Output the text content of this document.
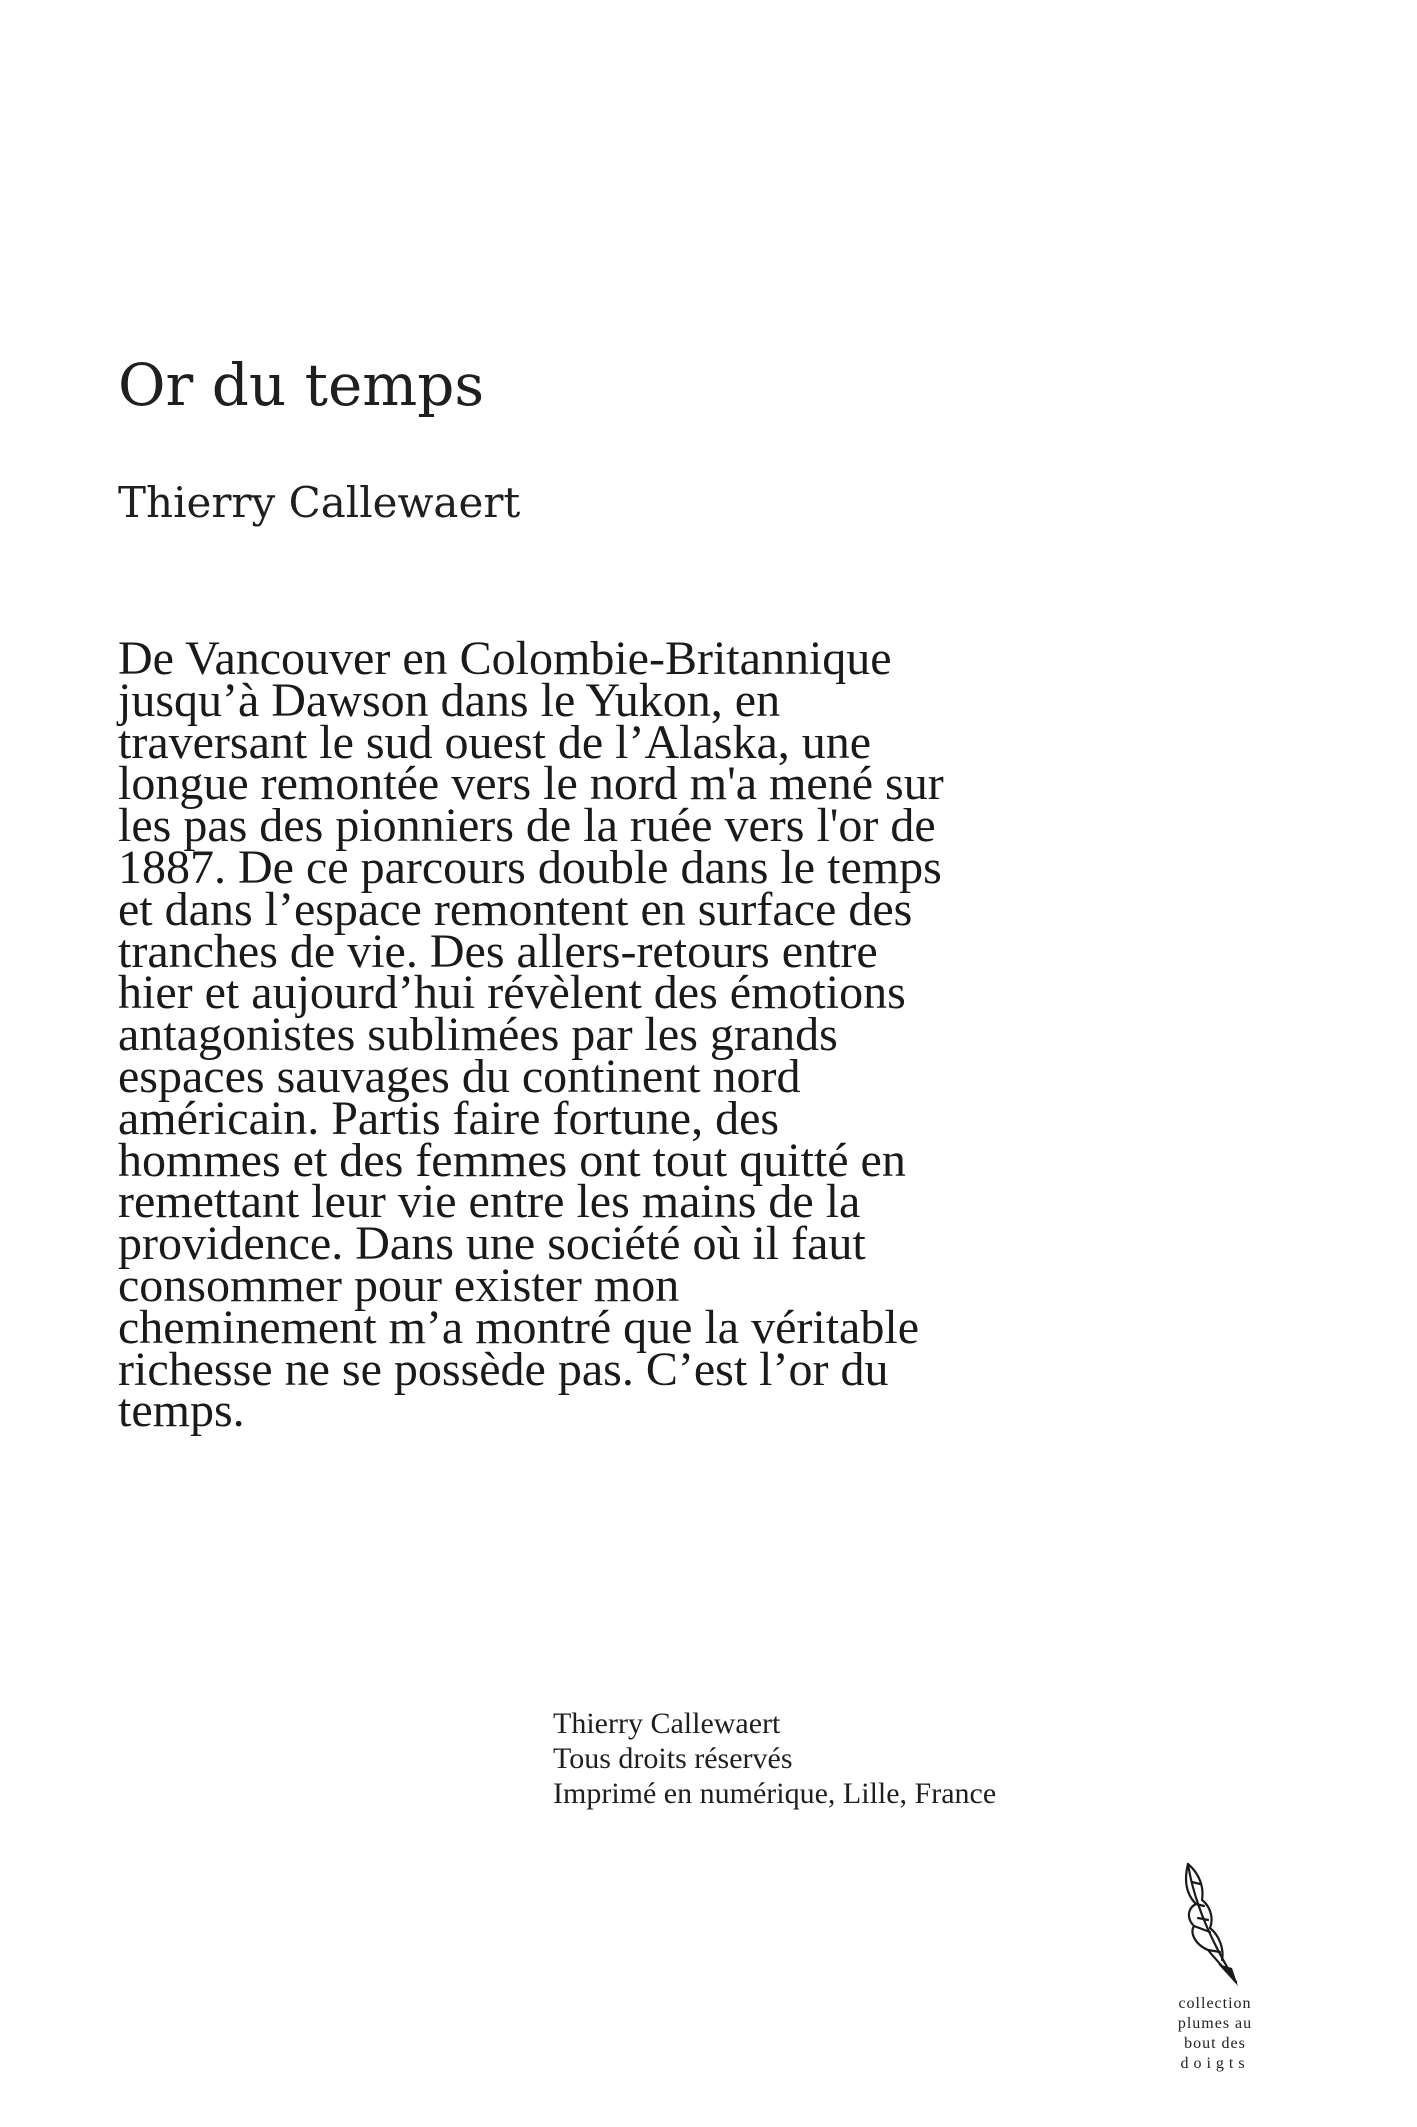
Or du temps
Thierry Callewaert
De Vancouver en Colombie-Britannique
jusqu’à Dawson dans le Yukon, en
traversant le sud ouest de l’Alaska, une
longue remontée vers le nord m'a mené sur
les pas des pionniers de la ruée vers l'or de
1887. De ce parcours double dans le temps
et dans l’espace remontent en surface des
tranches de vie. Des allers-retours entre
hier et aujourd’hui révèlent des émotions
antagonistes sublimées par les grands
espaces sauvages du continent nord
américain. Partis faire fortune, des
hommes et des femmes ont tout quitté en
remettant leur vie entre les mains de la
providence. Dans une société où il faut
consommer pour exister mon
cheminement m’a montré que la véritable
richesse ne se possède pas. C’est l’or du
temps.
Thierry Callewaert
Tous droits réservés
Imprimé en numérique, Lille, France
collection
plumes au
bout des
doigts
